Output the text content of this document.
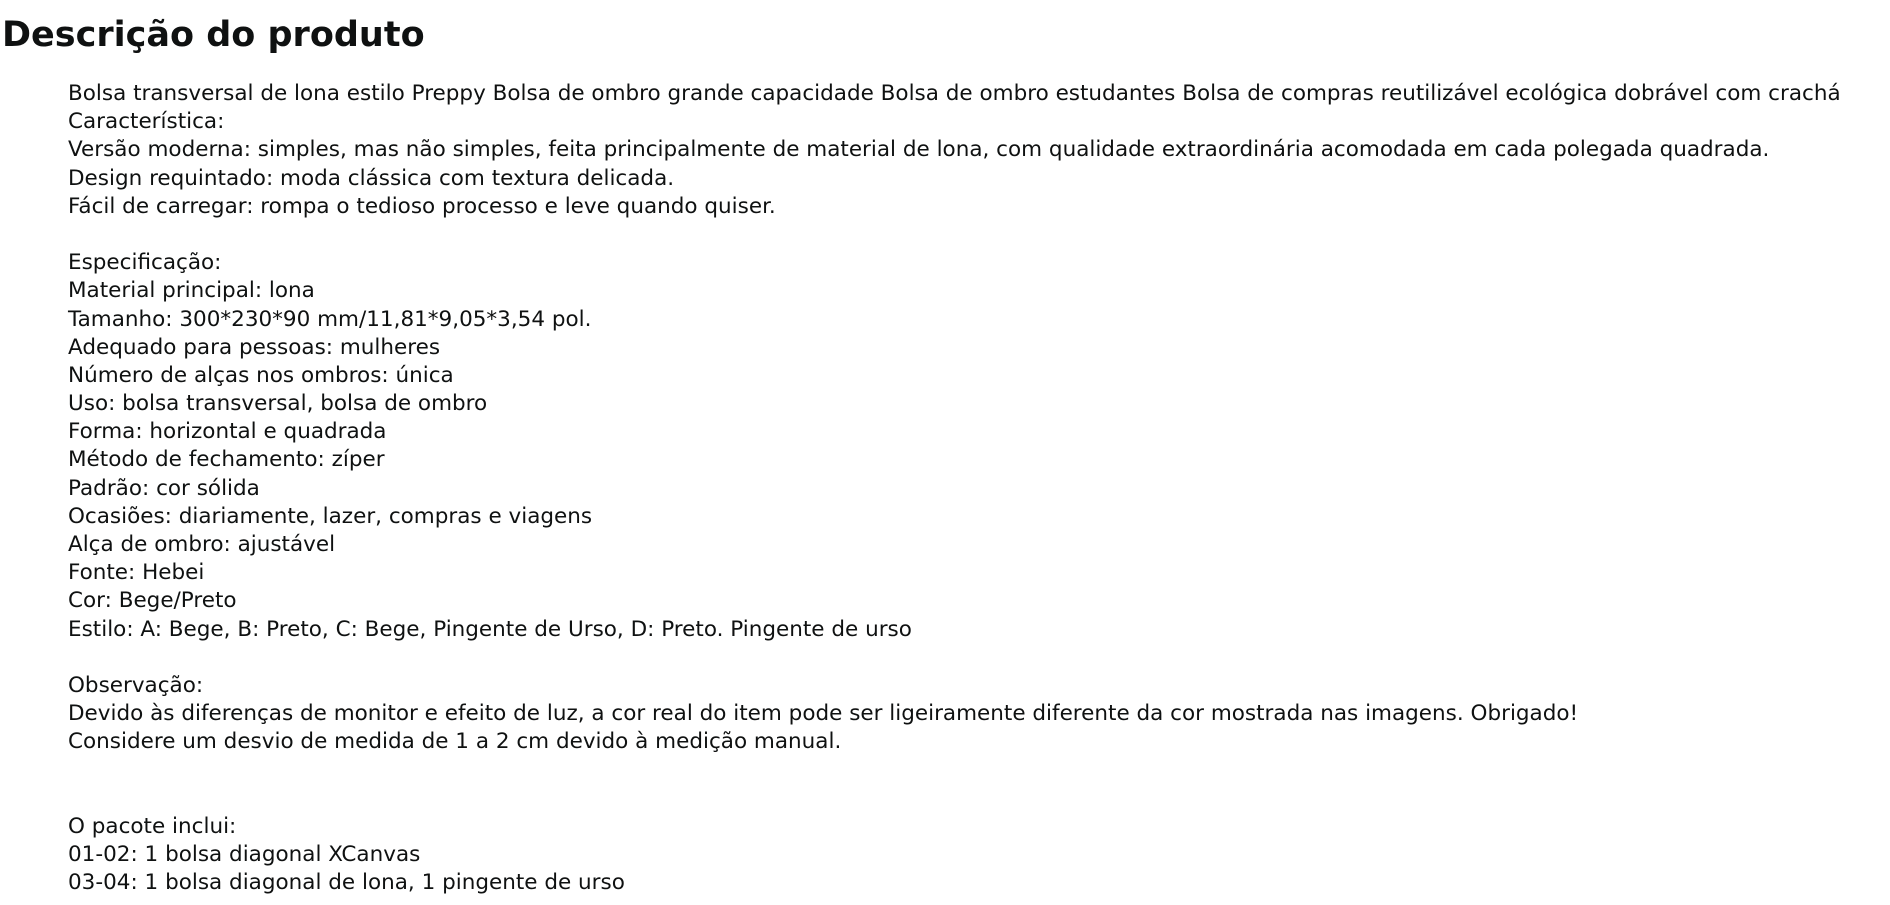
Descrição do produto
Bolsa transversal de lona estilo Preppy Bolsa de ombro grande capacidade Bolsa de ombro estudantes Bolsa de compras reutilizável ecológica dobrável com crachá
Característica:
Versão moderna: simples, mas não simples, feita principalmente de material de lona, com qualidade extraordinária acomodada em cada polegada quadrada.
Design requintado: moda clássica com textura delicada.
Fácil de carregar: rompa o tedioso processo e leve quando quiser.
Especificação:
Material principal: lona
Tamanho: 300*230*90 mm/11,81*9,05*3,54 pol.
Adequado para pessoas: mulheres
Número de alças nos ombros: única
Uso: bolsa transversal, bolsa de ombro
Forma: horizontal e quadrada
Método de fechamento: zíper
Padrão: cor sólida
Ocasiões: diariamente, lazer, compras e viagens
Alça de ombro: ajustável
Fonte: Hebei
Cor: Bege/Preto
Estilo: A: Bege, B: Preto, C: Bege, Pingente de Urso, D: Preto. Pingente de urso
Observação:
Devido às diferenças de monitor e efeito de luz, a cor real do item pode ser ligeiramente diferente da cor mostrada nas imagens. Obrigado!
Considere um desvio de medida de 1 a 2 cm devido à medição manual.
O pacote inclui:
01-02: 1 bolsa diagonal XCanvas
03-04: 1 bolsa diagonal de lona, 1 pingente de urso
